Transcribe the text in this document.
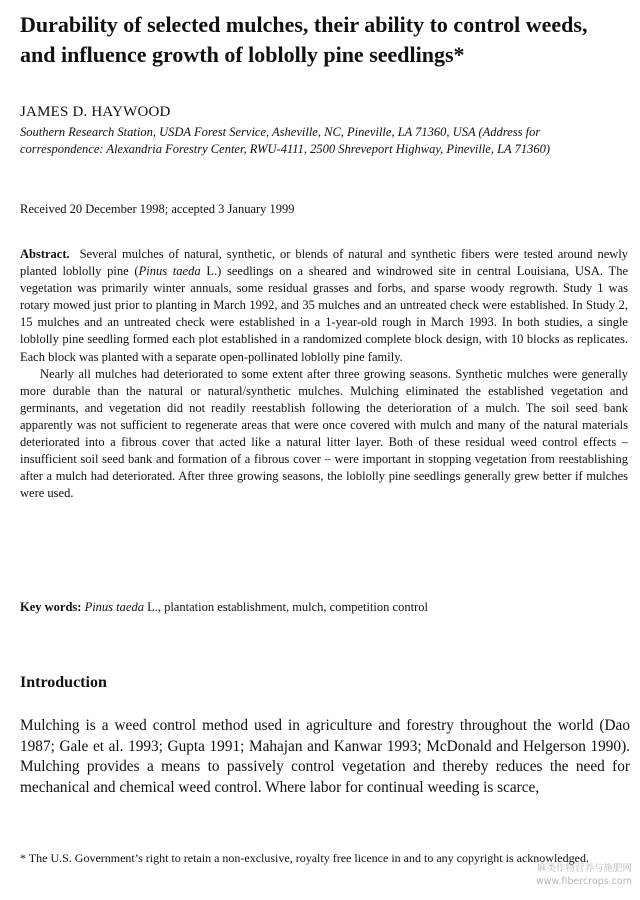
Durability of selected mulches, their ability to control weeds, and influence growth of loblolly pine seedlings*
JAMES D. HAYWOOD
Southern Research Station, USDA Forest Service, Asheville, NC, Pineville, LA 71360, USA (Address for correspondence: Alexandria Forestry Center, RWU-4111, 2500 Shreveport Highway, Pineville, LA 71360)
Received 20 December 1998; accepted 3 January 1999

Abstract. Several mulches of natural, synthetic, or blends of natural and synthetic fibers were tested around newly planted loblolly pine (Pinus taeda L.) seedlings on a sheared and windrowed site in central Louisiana, USA. The vegetation was primarily winter annuals, some residual grasses and forbs, and sparse woody regrowth. Study 1 was rotary mowed just prior to planting in March 1992, and 35 mulches and an untreated check were established. In Study 2, 15 mulches and an untreated check were established in a 1-year-old rough in March 1993. In both studies, a single loblolly pine seedling formed each plot established in a randomized complete block design, with 10 blocks as replicates. Each block was planted with a separate open-pollinated loblolly pine family.

Nearly all mulches had deteriorated to some extent after three growing seasons. Synthetic mulches were generally more durable than the natural or natural/synthetic mulches. Mulching eliminated the established vegetation and germinants, and vegetation did not readily reestablish following the deterioration of a mulch. The soil seed bank apparently was not sufficient to regenerate areas that were once covered with mulch and many of the natural materials deteriorated into a fibrous cover that acted like a natural litter layer. Both of these residual weed control effects – insufficient soil seed bank and formation of a fibrous cover – were important in stopping vegetation from reestablishing after a mulch had deteriorated. After three growing seasons, the loblolly pine seedlings generally grew better if mulches were used.

Key words: Pinus taeda L., plantation establishment, mulch, competition control
Introduction

Mulching is a weed control method used in agriculture and forestry throughout the world (Dao 1987; Gale et al. 1993; Gupta 1991; Mahajan and Kanwar 1993; McDonald and Helgerson 1990). Mulching provides a means to passively control vegetation and thereby reduces the need for mechanical and chemical weed control. Where labor for continual weeding is scarce,

* The U.S. Government’s right to retain a non-exclusive, royalty free licence in and to any copyright is acknowledged.

麻类作物营养与施肥网
www.fibercrops.com
